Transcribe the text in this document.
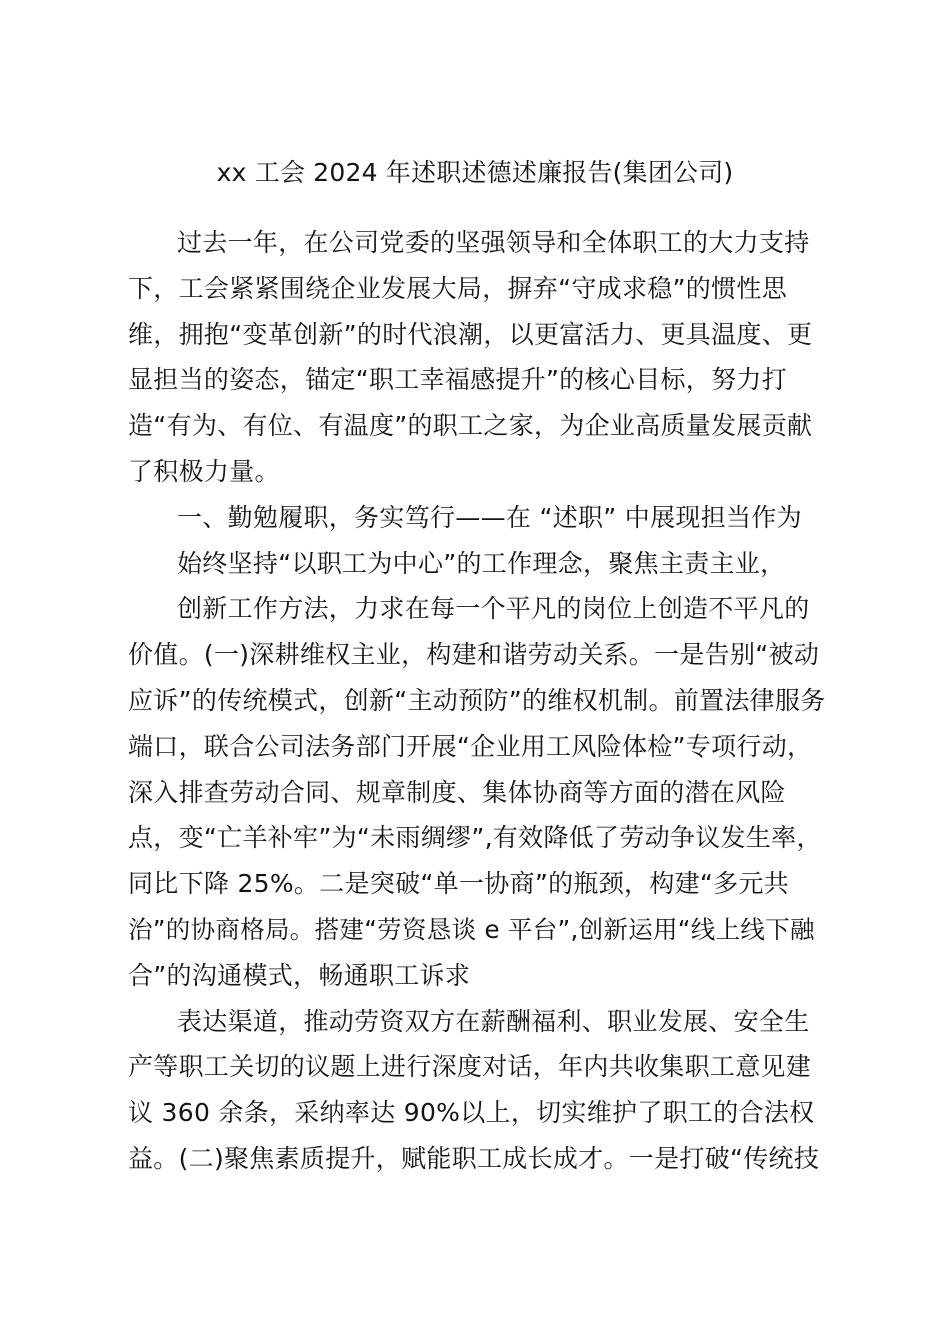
xx 工会 2024 年述职述德述廉报告(集团公司)

过去一年，在公司党委的坚强领导和全体职工的大力支持

下，工会紧紧围绕企业发展大局，摒弃“守成求稳”的惯性思

维，拥抱“变革创新”的时代浪潮，以更富活力、更具温度、更

显担当的姿态，锚定“职工幸福感提升”的核心目标，努力打

造“有为、有位、有温度”的职工之家，为企业高质量发展贡献

了积极力量。

一、勤勉履职，务实笃行——在 “述职” 中展现担当作为

始终坚持“以职工为中心”的工作理念，聚焦主责主业，

创新工作方法，力求在每一个平凡的岗位上创造不平凡的

价值。(一)深耕维权主业，构建和谐劳动关系。一是告别“被动

应诉”的传统模式，创新“主动预防”的维权机制。前置法律服务

端口，联合公司法务部门开展“企业用工风险体检”专项行动，

深入排查劳动合同、规章制度、集体协商等方面的潜在风险

点，变“亡羊补牢”为“未雨绸缪”,有效降低了劳动争议发生率，

同比下降 25%。二是突破“单一协商”的瓶颈，构建“多元共

治”的协商格局。搭建“劳资恳谈 e 平台”,创新运用“线上线下融

合”的沟通模式，畅通职工诉求

表达渠道，推动劳资双方在薪酬福利、职业发展、安全生

产等职工关切的议题上进行深度对话，年内共收集职工意见建

议 360 余条，采纳率达 90%以上，切实维护了职工的合法权

益。(二)聚焦素质提升，赋能职工成长成才。一是打破“传统技
